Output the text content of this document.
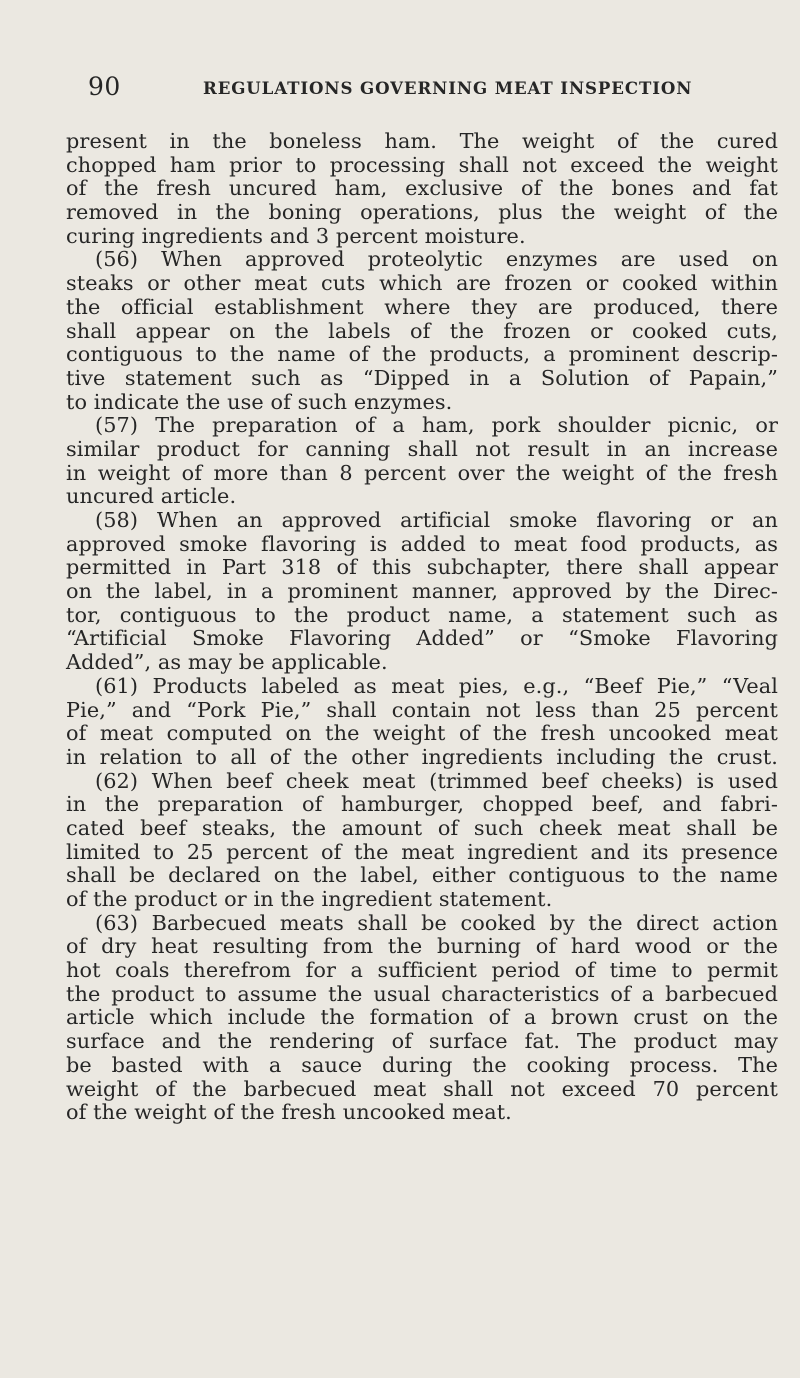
90	REGULATIONS GOVERNING MEAT INSPECTION
present in the boneless ham. The weight of the cured
chopped ham prior to processing shall not exceed the weight
of the fresh uncured ham, exclusive of the bones and fat
removed in the boning operations, plus the weight of the
curing ingredients and 3 percent moisture.
(56) When approved proteolytic enzymes are used on
steaks or other meat cuts which are frozen or cooked within
the official establishment where they are produced, there
shall appear on the labels of the frozen or cooked cuts,
contiguous to the name of the products, a prominent descrip-
tive statement such as “Dipped in a Solution of Papain,”
to indicate the use of such enzymes.
(57) The preparation of a ham, pork shoulder picnic, or
similar product for canning shall not result in an increase
in weight of more than 8 percent over the weight of the fresh
uncured article.
(58) When an approved artificial smoke flavoring or an
approved smoke flavoring is added to meat food products, as
permitted in Part 318 of this subchapter, there shall appear
on the label, in a prominent manner, approved by the Direc-
tor, contiguous to the product name, a statement such as
“Artificial Smoke Flavoring Added” or “Smoke Flavoring
Added”, as may be applicable.
(61) Products labeled as meat pies, e.g., “Beef Pie,” “Veal
Pie,” and “Pork Pie,” shall contain not less than 25 percent
of meat computed on the weight of the fresh uncooked meat
in relation to all of the other ingredients including the crust.
(62) When beef cheek meat (trimmed beef cheeks) is used
in the preparation of hamburger, chopped beef, and fabri-
cated beef steaks, the amount of such cheek meat shall be
limited to 25 percent of the meat ingredient and its presence
shall be declared on the label, either contiguous to the name
of the product or in the ingredient statement.
(63) Barbecued meats shall be cooked by the direct action
of dry heat resulting from the burning of hard wood or the
hot coals therefrom for a sufficient period of time to permit
the product to assume the usual characteristics of a barbecued
article which include the formation of a brown crust on the
surface and the rendering of surface fat. The product may
be basted with a sauce during the cooking process. The
weight of the barbecued meat shall not exceed 70 percent
of the weight of the fresh uncooked meat.
